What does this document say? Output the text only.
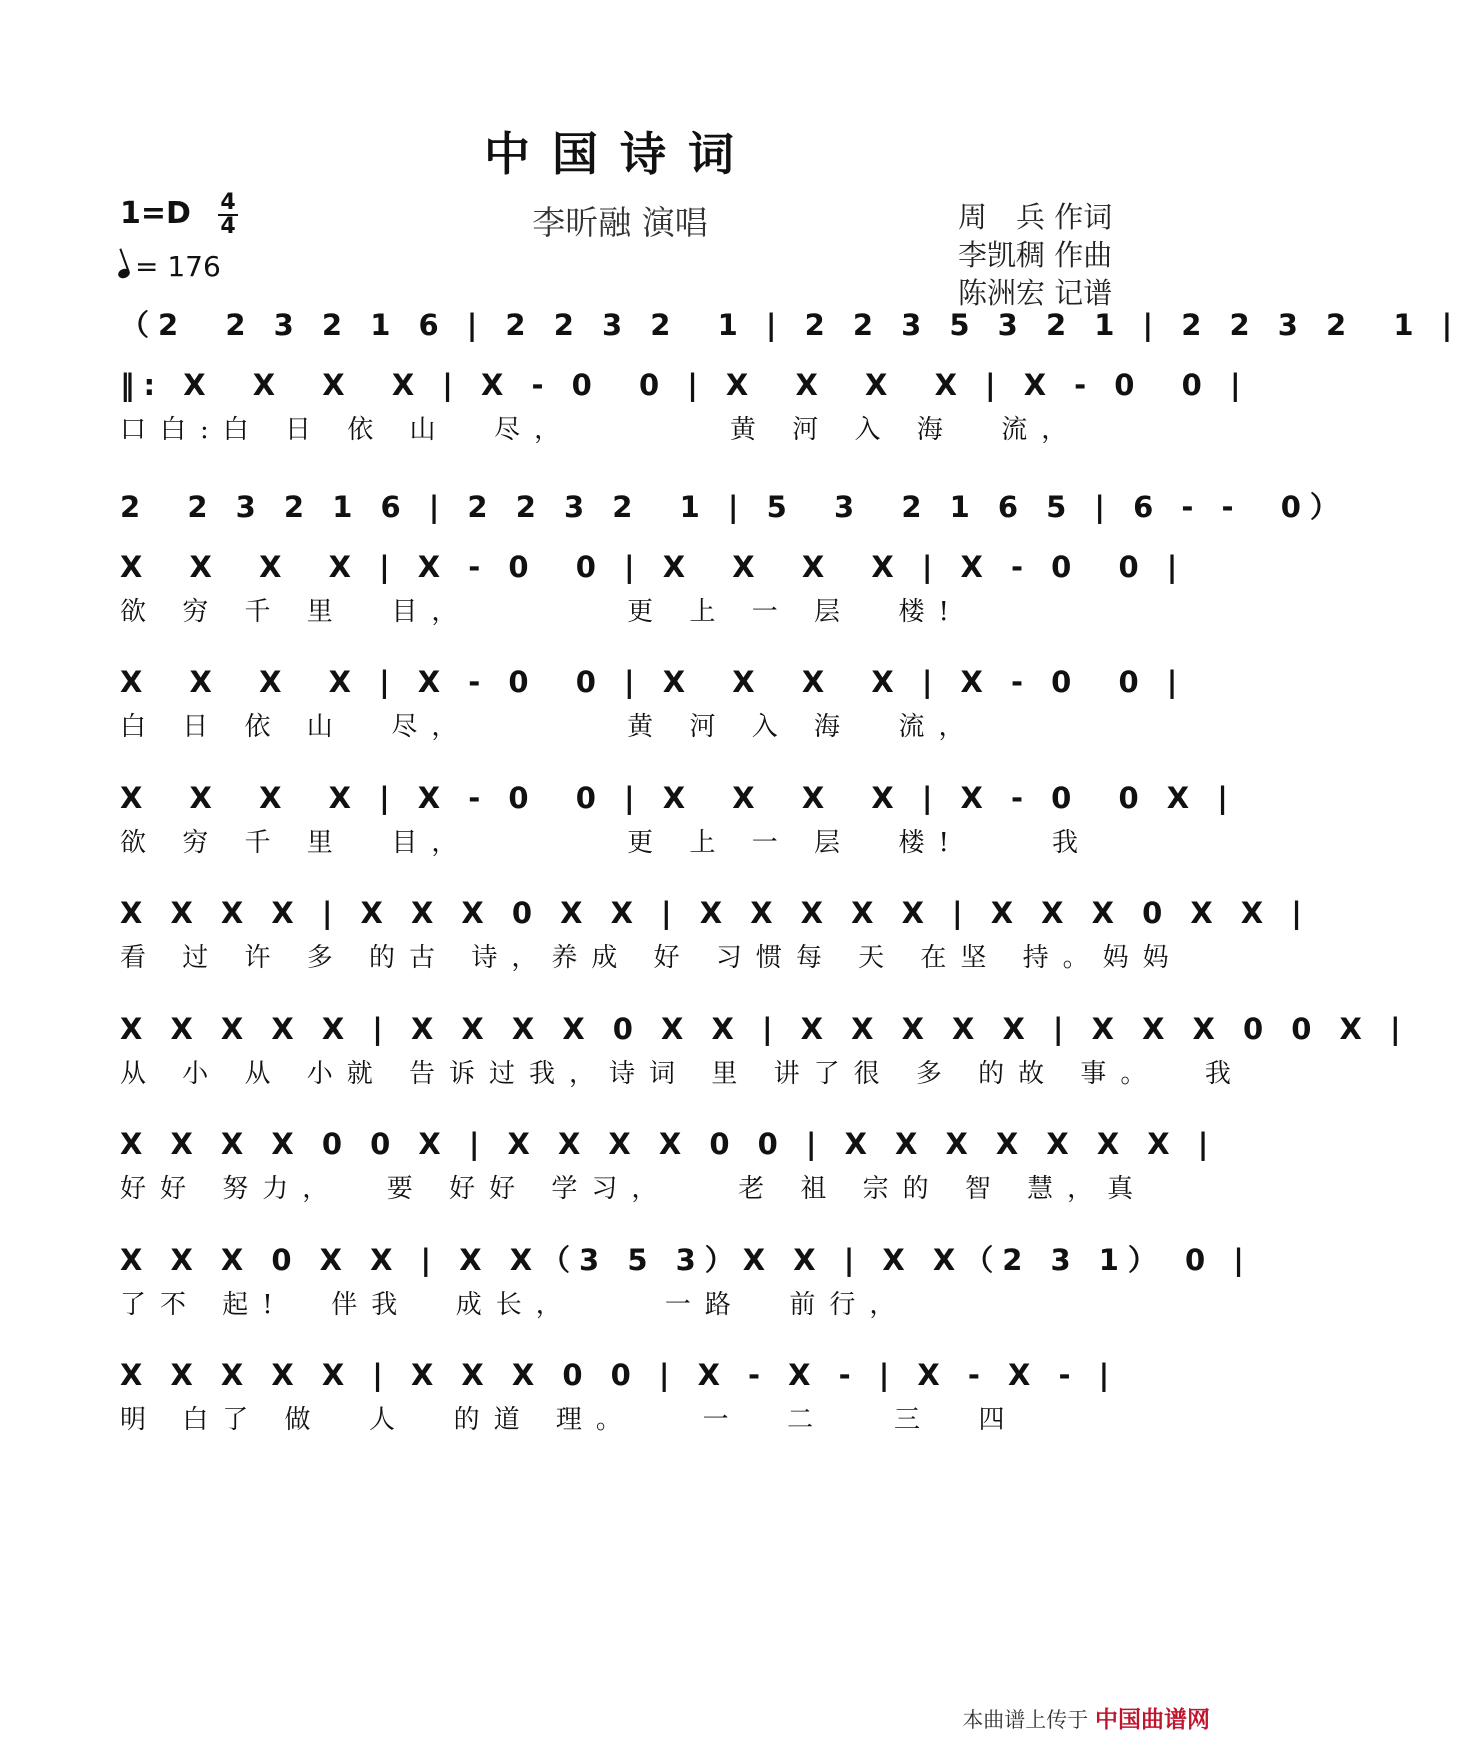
中国诗词
1=D 4
4
= 176
李昕融 演唱	周　兵 作词
李凯稠 作曲
陈洲宏 记谱
（2  2 3 2 1 6 | 2 2 3 2  1 | 2 2 3 5 3 2 1 | 2 2 3 2  1 |
‖: X  X  X  X | X - 0  0 | X  X  X  X | X - 0  0 |
口白:白 日 依 山  尽，       黄 河 入 海  流，
2  2 3 2 1 6 | 2 2 3 2  1 | 5  3  2 1 6 5 | 6 - -  0）
X  X  X  X | X - 0  0 | X  X  X  X | X - 0  0 |
欲 穷 千 里  目，       更 上 一 层  楼!
X  X  X  X | X - 0  0 | X  X  X  X | X - 0  0 |
白 日 依 山  尽，       黄 河 入 海  流，
X  X  X  X | X - 0  0 | X  X  X  X | X - 0  0 X |
欲 穷 千 里  目，       更 上 一 层  楼!    我
X X X X | X X X 0 X X | X X X X X | X X X 0 X X |
看 过 许 多 的古 诗，养成 好 习惯每 天 在坚 持。妈妈
X X X X X | X X X X 0 X X | X X X X X | X X X 0 0 X |
从 小 从 小就 告诉过我，诗词 里 讲了很 多 的故 事。  我
X X X X 0 0 X | X X X X 0 0 | X X X X X X X |
好好 努力，  要 好好 学习，   老 祖 宗的 智 慧，真
X X X 0 X X | X X（3 5 3）X X | X X（2 3 1） 0 |
了不 起!  伴我  成长，    一路  前行，
X X X X X | X X X 0 0 | X - X - | X - X - |
明 白了 做  人  的道 理。   一  二   三  四
本曲谱上传于 中国曲谱网
